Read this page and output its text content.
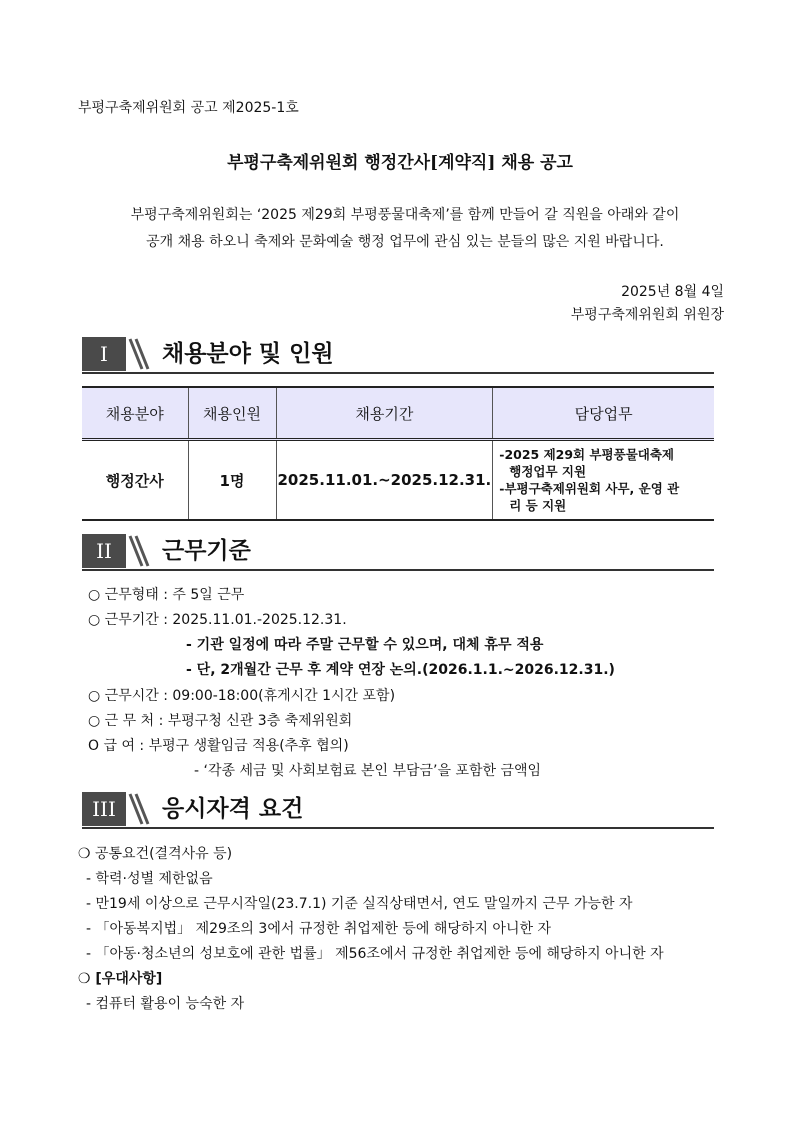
부평구축제위원회 공고 제2025-1호
부평구축제위원회 행정간사[계약직] 채용 공고
부평구축제위원회는 ‘2025 제29회 부평풍물대축제’를 함께 만들어 갈 직원을 아래와 같이
공개 채용 하오니 축제와 문화예술 행정 업무에 관심 있는 분들의 많은 지원 바랍니다.
2025년 8월 4일
부평구축제위원회 위원장
I	채용분야 및 인원
채용분야	채용인원	채용기간	담당업무
행정간사	1명	2025.11.01.~2025.12.31.	-2025 제29회 부평풍물대축제
행정업무 지원
-부평구축제위원회 사무, 운영 관
리 등 지원
II	근무기준
○ 근무형태 : 주 5일 근무
○ 근무기간 : 2025.11.01.-2025.12.31.
- 기관 일정에 따라 주말 근무할 수 있으며, 대체 휴무 적용
- 단, 2개월간 근무 후 계약 연장 논의.(2026.1.1.~2026.12.31.)
○ 근무시간 : 09:00-18:00(휴게시간 1시간 포함)
○ 근 무 처 : 부평구청 신관 3층 축제위원회
O 급 여 : 부평구 생활임금 적용(추후 협의)
- ‘각종 세금 및 사회보험료 본인 부담금’을 포함한 금액임
III	응시자격 요건
❍ 공통요건(결격사유 등)
- 학력·성별 제한없음
- 만19세 이상으로 근무시작일(23.7.1) 기준 실직상태면서, 연도 말일까지 근무 가능한 자
- 「아동복지법」 제29조의 3에서 규정한 취업제한 등에 해당하지 아니한 자
- 「아동·청소년의 성보호에 관한 법률」 제56조에서 규정한 취업제한 등에 해당하지 아니한 자
❍ [우대사항]
- 컴퓨터 활용이 능숙한 자
